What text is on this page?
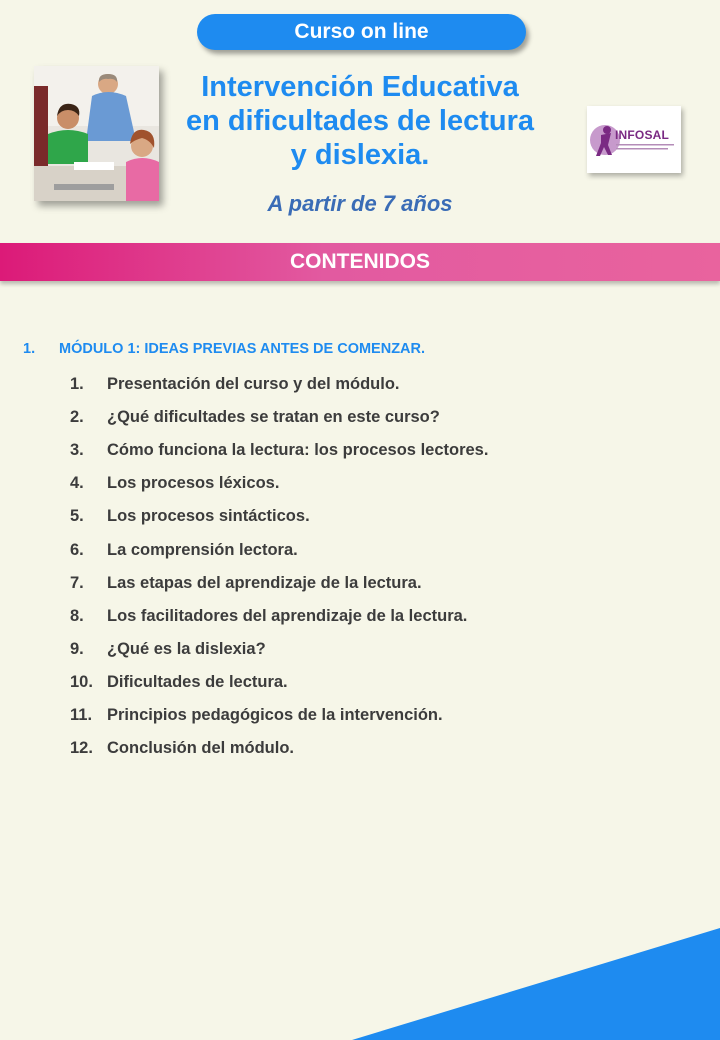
Curso on line
Intervención Educativa
en dificultades de lectura
y dislexia.
A partir de 7 años
INFOSAL
CONTENIDOS
1. MÓDULO 1: IDEAS PREVIAS ANTES DE COMENZAR.
1.	Presentación del curso y del módulo.
2.	¿Qué dificultades se tratan en este curso?
3.	Cómo funciona la lectura: los procesos lectores.
4.	Los procesos léxicos.
5.	Los procesos sintácticos.
6.	La comprensión lectora.
7.	Las etapas del aprendizaje de la lectura.
8.	Los facilitadores del aprendizaje de la lectura.
9.	¿Qué es la dislexia?
10. Dificultades de lectura.
11. Principios pedagógicos de la intervención.
12. Conclusión del módulo.
